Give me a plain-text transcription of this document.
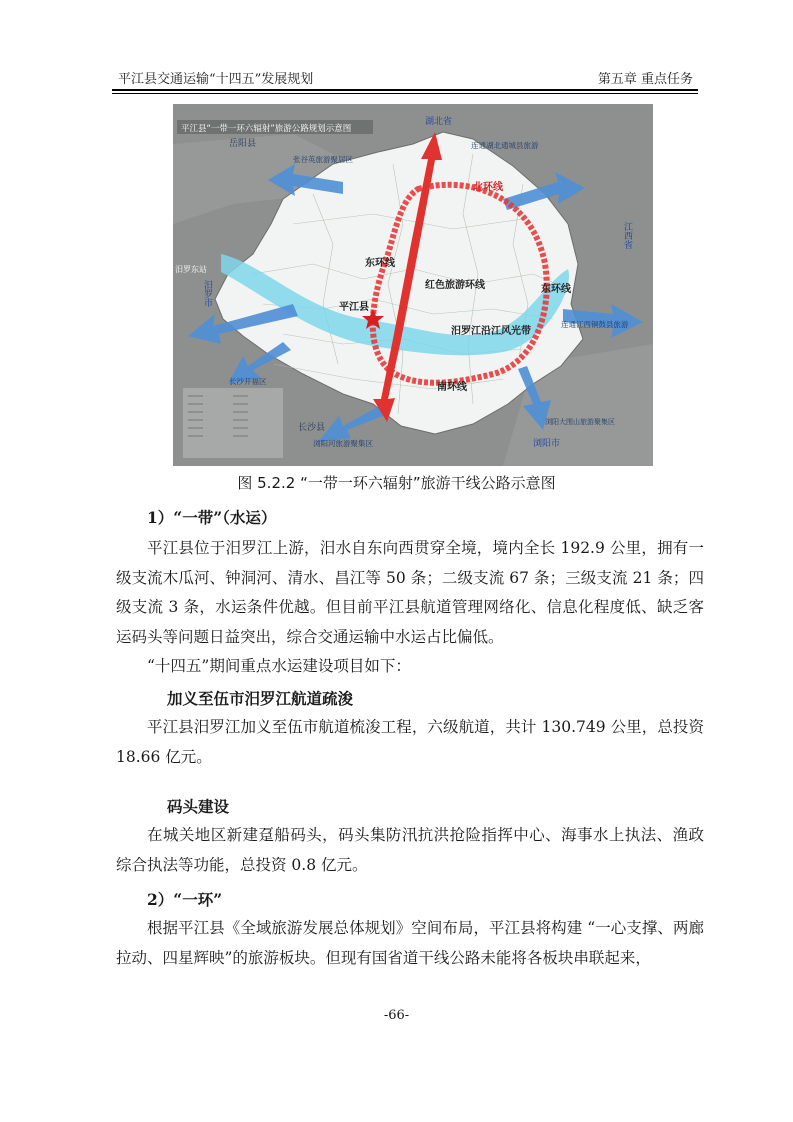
平江县交通运输“十四五”发展规划	第五章 重点任务
平江县“一带一环六辐射”旅游公路规划示意图
湖北省
岳阳县
张谷英旅游聚居区
连通湖北通城县旅游
北环线
江西省
东环线
红色旅游环线	东环线
汨罗东站
汨罗市
平江县
连通江西铜鼓县旅游
汨罗江沿江风光带
长沙开福区
南环线
浏阳大围山旅游聚集区
长沙县
浏阳市
浏阳河旅游聚集区
图 5.2.2 “一带一环六辐射”旅游干线公路示意图
1）“一带”（水运）
平江县位于汨罗江上游，汨水自东向西贯穿全境，境内全长 192.9 公里，拥有一级支流木瓜河、钟洞河、清水、昌江等 50 条；二级支流 67 条；三级支流 21 条；四级支流 3 条，水运条件优越。但目前平江县航道管理网络化、信息化程度低、缺乏客运码头等问题日益突出，综合交通运输中水运占比偏低。
“十四五”期间重点水运建设项目如下：
加义至伍市汨罗江航道疏浚
平江县汨罗江加义至伍市航道梳浚工程，六级航道，共计 130.749 公里，总投资 18.66 亿元。
码头建设
在城关地区新建趸船码头，码头集防汛抗洪抢险指挥中心、海事水上执法、渔政综合执法等功能，总投资 0.8 亿元。
2）“一环”
根据平江县《全域旅游发展总体规划》空间布局，平江县将构建 “一心支撑、两廊拉动、四星辉映”的旅游板块。但现有国省道干线公路未能将各板块串联起来，
-66-
